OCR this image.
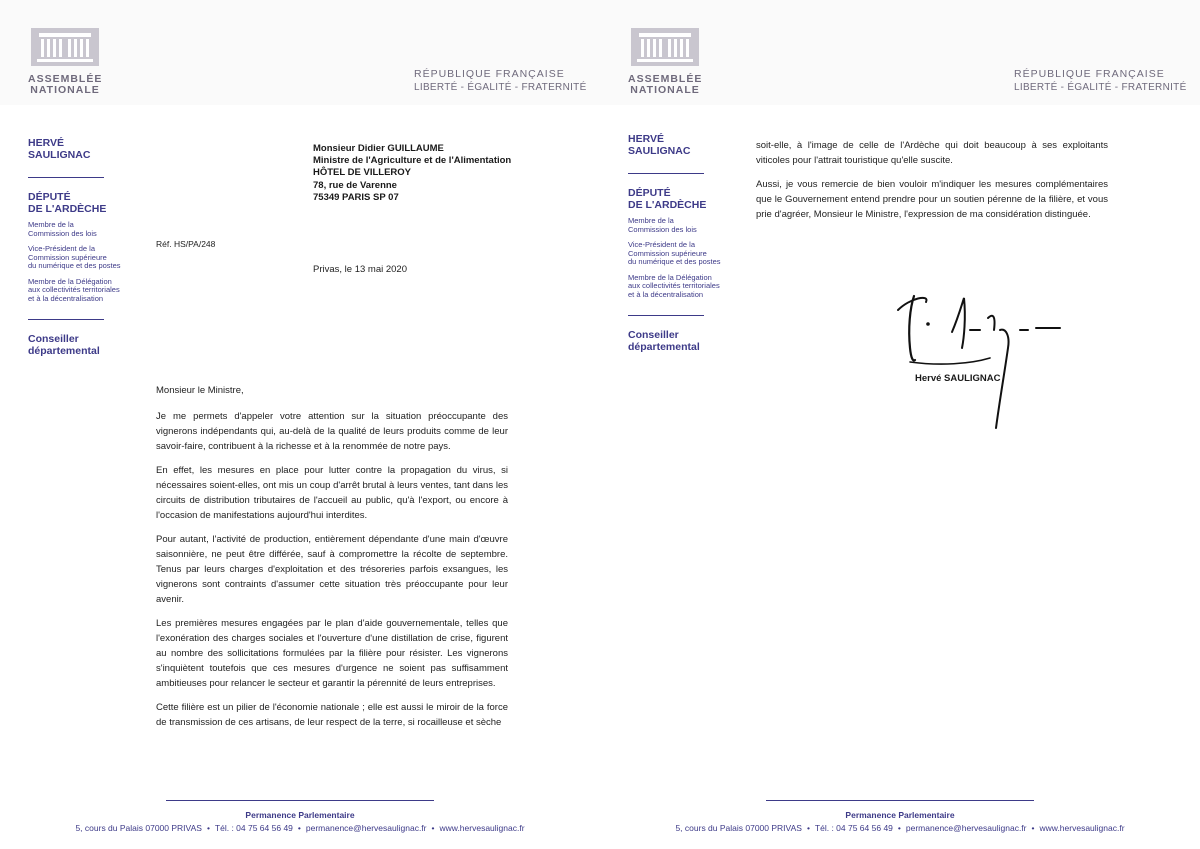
ASSEMBLÉE
NATIONALE
RÉPUBLIQUE FRANÇAISE
LIBERTÉ - ÉGALITÉ - FRATERNITÉ
HERVÉ
SAULIGNAC
DÉPUTÉ
DE L'ARDÈCHE
Membre de la
Commission des lois
Vice-Président de la
Commission supérieure
du numérique et des postes
Membre de la Délégation
aux collectivités territoriales
et à la décentralisation
Conseiller
départemental
Monsieur Didier GUILLAUME
Ministre de l'Agriculture et de l'Alimentation
HÔTEL DE VILLEROY
78, rue de Varenne
75349 PARIS SP 07
Réf. HS/PA/248
Privas, le 13 mai 2020

Monsieur le Ministre,

Je me permets d'appeler votre attention sur la situation préoccupante des vignerons indépendants qui, au-delà de la qualité de leurs produits comme de leur savoir-faire, contribuent à la richesse et à la renommée de notre pays.

En effet, les mesures en place pour lutter contre la propagation du virus, si nécessaires soient-elles, ont mis un coup d'arrêt brutal à leurs ventes, tant dans les circuits de distribution tributaires de l'accueil au public, qu'à l'export, ou encore à l'occasion de manifestations aujourd'hui interdites.

Pour autant, l'activité de production, entièrement dépendante d'une main d'œuvre saisonnière, ne peut être différée, sauf à compromettre la récolte de septembre. Tenus par leurs charges d'exploitation et des trésoreries parfois exsangues, les vignerons sont contraints d'assumer cette situation très préoccupante pour leur avenir.

Les premières mesures engagées par le plan d'aide gouvernementale, telles que l'exonération des charges sociales et l'ouverture d'une distillation de crise, figurent au nombre des sollicitations formulées par la filière pour résister. Les vignerons s'inquiètent toutefois que ces mesures d'urgence ne soient pas suffisamment ambitieuses pour relancer le secteur et garantir la pérennité de leurs entreprises.

Cette filière est un pilier de l'économie nationale ; elle est aussi le miroir de la force de transmission de ces artisans, de leur respect de la terre, si rocailleuse et sèche

Permanence Parlementaire
5, cours du Palais 07000 PRIVAS • Tél. : 04 75 64 56 49 • permanence@hervesaulignac.fr • www.hervesaulignac.fr
ASSEMBLÉE
NATIONALE
RÉPUBLIQUE FRANÇAISE
LIBERTÉ - ÉGALITÉ - FRATERNITÉ
HERVÉ
SAULIGNAC
DÉPUTÉ
DE L'ARDÈCHE
Membre de la
Commission des lois
Vice-Président de la
Commission supérieure
du numérique et des postes
Membre de la Délégation
aux collectivités territoriales
et à la décentralisation
Conseiller
départemental

soit-elle, à l'image de celle de l'Ardèche qui doit beaucoup à ses exploitants viticoles pour l'attrait touristique qu'elle suscite.

Aussi, je vous remercie de bien vouloir m'indiquer les mesures complémentaires que le Gouvernement entend prendre pour un soutien pérenne de la filière, et vous prie d'agréer, Monsieur le Ministre, l'expression de ma considération distinguée.

Hervé SAULIGNAC
Permanence Parlementaire
5, cours du Palais 07000 PRIVAS • Tél. : 04 75 64 56 49 • permanence@hervesaulignac.fr • www.hervesaulignac.fr
